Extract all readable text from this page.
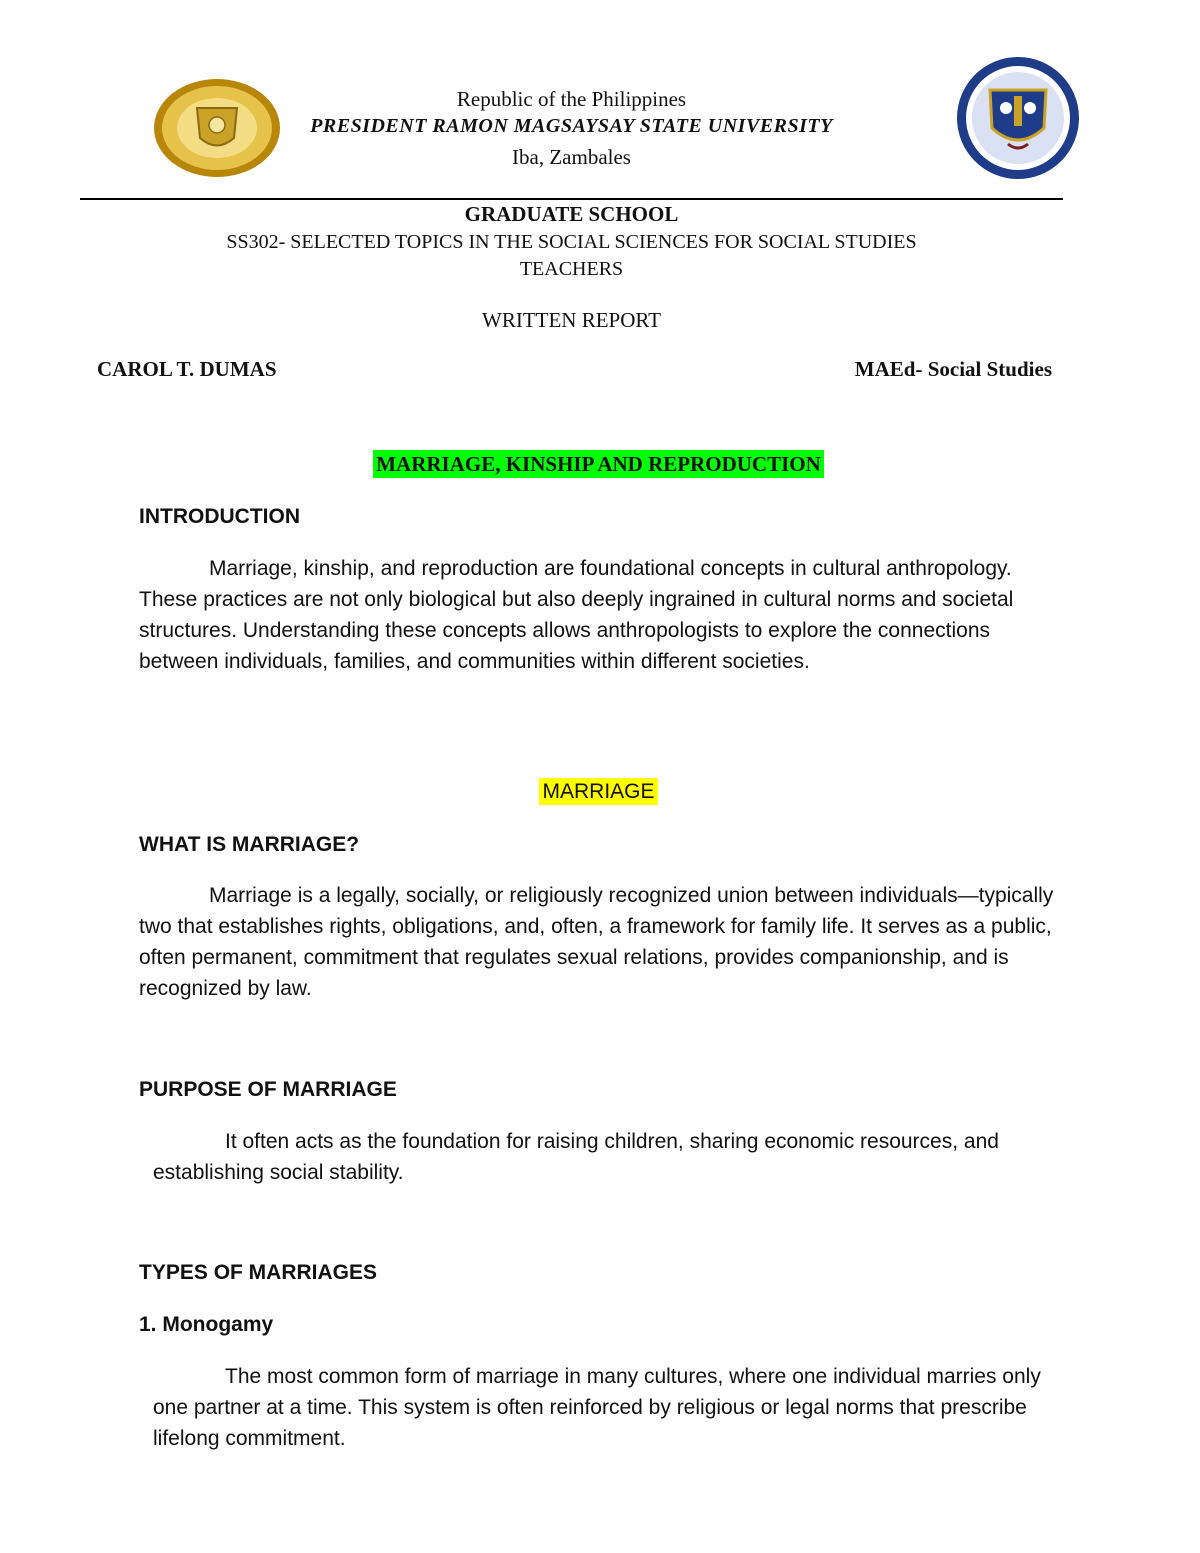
Republic of the Philippines
PRESIDENT RAMON MAGSAYSAY STATE UNIVERSITY
Iba, Zambales
GRADUATE SCHOOL
SS302- SELECTED TOPICS IN THE SOCIAL SCIENCES FOR SOCIAL STUDIES
TEACHERS
WRITTEN REPORT
CAROL T. DUMAS	MAEd- Social Studies
MARRIAGE, KINSHIP AND REPRODUCTION
INTRODUCTION
Marriage, kinship, and reproduction are foundational concepts in cultural anthropology. These practices are not only biological but also deeply ingrained in cultural norms and societal structures. Understanding these concepts allows anthropologists to explore the connections between individuals, families, and communities within different societies.
MARRIAGE
WHAT IS MARRIAGE?
Marriage is a legally, socially, or religiously recognized union between individuals—typically two that establishes rights, obligations, and, often, a framework for family life. It serves as a public, often permanent, commitment that regulates sexual relations, provides companionship, and is recognized by law.
PURPOSE OF MARRIAGE
It often acts as the foundation for raising children, sharing economic resources, and establishing social stability.
TYPES OF MARRIAGES
1. Monogamy
The most common form of marriage in many cultures, where one individual marries only one partner at a time. This system is often reinforced by religious or legal norms that prescribe lifelong commitment.
